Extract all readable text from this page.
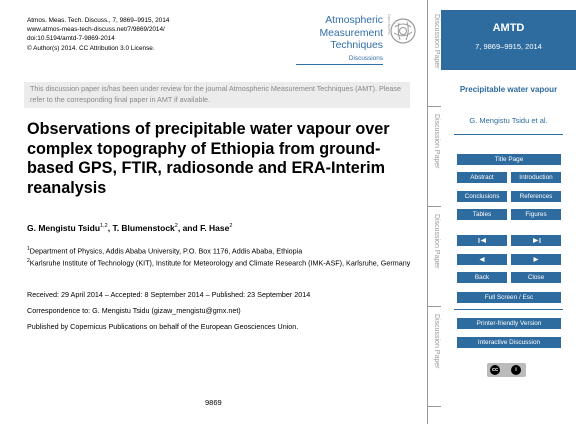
Atmos. Meas. Tech. Discuss., 7, 9869–9915, 2014
www.atmos-meas-tech-discuss.net/7/9869/2014/
doi:10.5194/amtd-7-9869-2014
© Author(s) 2014. CC Attribution 3.0 License.
Atmospheric
Measurement
Techniques
Discussions
Open Access
This discussion paper is/has been under review for the journal Atmospheric Measurement Techniques (AMT). Please refer to the corresponding final paper in AMT if available.
Observations of precipitable water vapour over complex topography of Ethiopia from ground-based GPS, FTIR, radiosonde and ERA-Interim reanalysis
G. Mengistu Tsidu$^{1,2}$, T. Blumenstock$^2$, and F. Hase$^2$
$^1$Department of Physics, Addis Ababa University, P.O. Box 1176, Addis Ababa, Ethiopia
$^2$Karlsruhe Institute of Technology (KIT), Institute for Meteorology and Climate Research (IMK-ASF), Karlsruhe, Germany
Received: 29 April 2014 – Accepted: 8 September 2014 – Published: 23 September 2014
Correspondence to: G. Mengistu Tsidu (gizaw_mengistu@gmx.net)
Published by Copernicus Publications on behalf of the European Geosciences Union.
9869
Discussion Paper
Discussion Paper
Discussion Paper
Discussion Paper
AMTD
7, 9869–9915, 2014
Precipitable water vapour
G. Mengistu Tsidu et al.
Title Page
Abstract	Introduction
Conclusions	References
Tables	Figures
Back	Close
Full Screen / Esc
Printer-friendly Version
Interactive Discussion
cc	i
